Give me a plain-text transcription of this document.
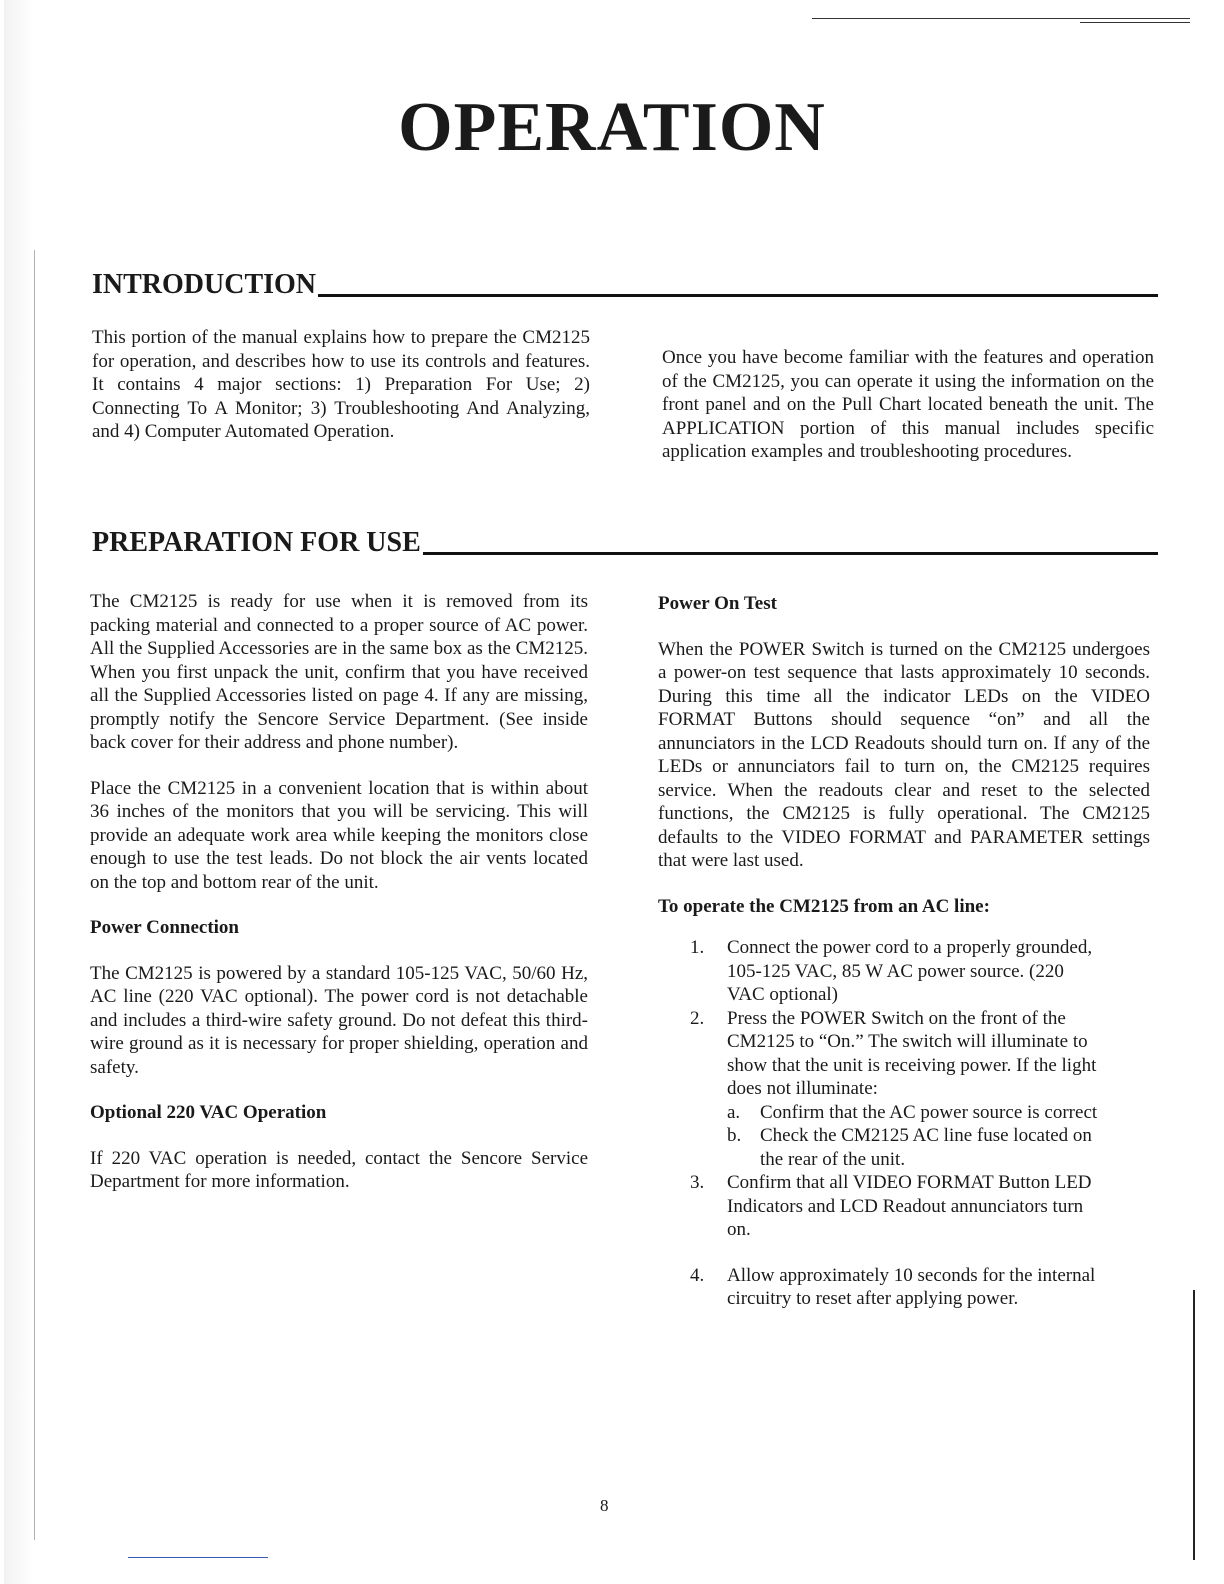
OPERATION
INTRODUCTION

This portion of the manual explains how to prepare the CM2125 for operation, and describes how to use its controls and features. It contains 4 major sections: 1) Preparation For Use; 2) Connecting To A Monitor; 3) Troubleshooting And Analyzing, and 4) Computer Automated Operation.

Once you have become familiar with the features and operation of the CM2125, you can operate it using the information on the front panel and on the Pull Chart located beneath the unit. The APPLICATION portion of this manual includes specific application examples and troubleshooting procedures.

PREPARATION FOR USE

The CM2125 is ready for use when it is removed from its packing material and connected to a proper source of AC power. All the Supplied Accessories are in the same box as the CM2125. When you first unpack the unit, confirm that you have received all the Supplied Accessories listed on page 4. If any are missing, promptly notify the Sencore Service Department. (See inside back cover for their address and phone number).

Place the CM2125 in a convenient location that is within about 36 inches of the monitors that you will be servicing. This will provide an adequate work area while keeping the monitors close enough to use the test leads. Do not block the air vents located on the top and bottom rear of the unit.

Power Connection

The CM2125 is powered by a standard 105-125 VAC, 50/60 Hz, AC line (220 VAC optional). The power cord is not detachable and includes a third-wire safety ground. Do not defeat this third-wire ground as it is necessary for proper shielding, operation and safety.

Optional 220 VAC Operation

If 220 VAC operation is needed, contact the Sencore Service Department for more information.

Power On Test

When the POWER Switch is turned on the CM2125 undergoes a power-on test sequence that lasts approximately 10 seconds. During this time all the indicator LEDs on the VIDEO FORMAT Buttons should sequence “on” and all the annunciators in the LCD Readouts should turn on. If any of the LEDs or annunciators fail to turn on, the CM2125 requires service. When the readouts clear and reset to the selected functions, the CM2125 is fully operational. The CM2125 defaults to the VIDEO FORMAT and PARAMETER settings that were last used.

To operate the CM2125 from an AC line:
1. Connect the power cord to a properly grounded, 105-125 VAC, 85 W AC power source. (220 VAC optional)
2. Press the POWER Switch on the front of the CM2125 to “On.” The switch will illuminate to show that the unit is receiving power. If the light does not illuminate:
a. Confirm that the AC power source is correct
b. Check the CM2125 AC line fuse located on the rear of the unit.
3. Confirm that all VIDEO FORMAT Button LED Indicators and LCD Readout annunciators turn on.
4. Allow approximately 10 seconds for the internal circuitry to reset after applying power.
8
